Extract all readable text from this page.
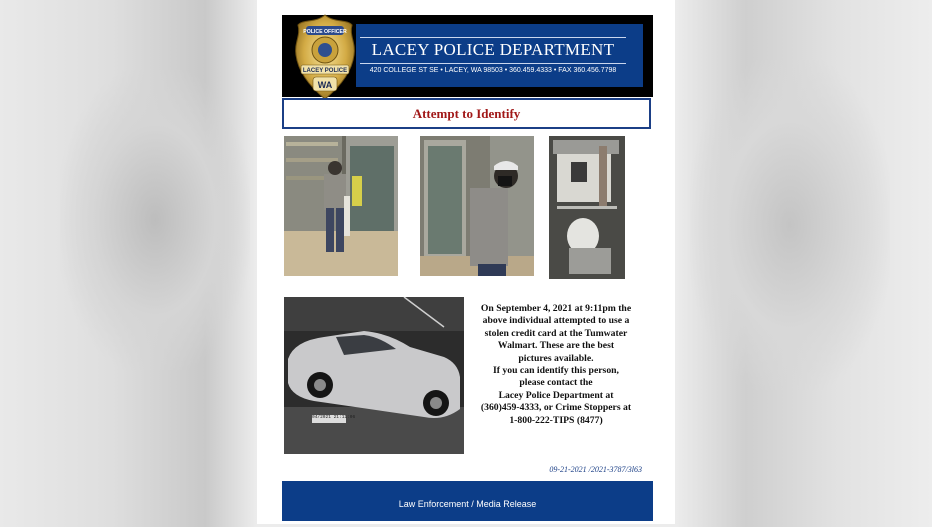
LACEY POLICE DEPARTMENT
420 COLLEGE ST SE • LACEY, WA 98503 • 360.459.4333 • FAX 360.456.7798
POLICE OFFICER
LACEY POLICE
WA
Attempt to Identify
04/2021 21:11:06
On September 4, 2021 at 9:11pm the
above individual attempted to use a
stolen credit card at the Tumwater
Walmart. These are the best
pictures available.
If you can identify this person,
please contact the
Lacey Police Department at
(360)459-4333, or Crime Stoppers at
1-800-222-TIPS (8477)
09-21-2021 /2021-3787/3l63
Law Enforcement / Media Release
